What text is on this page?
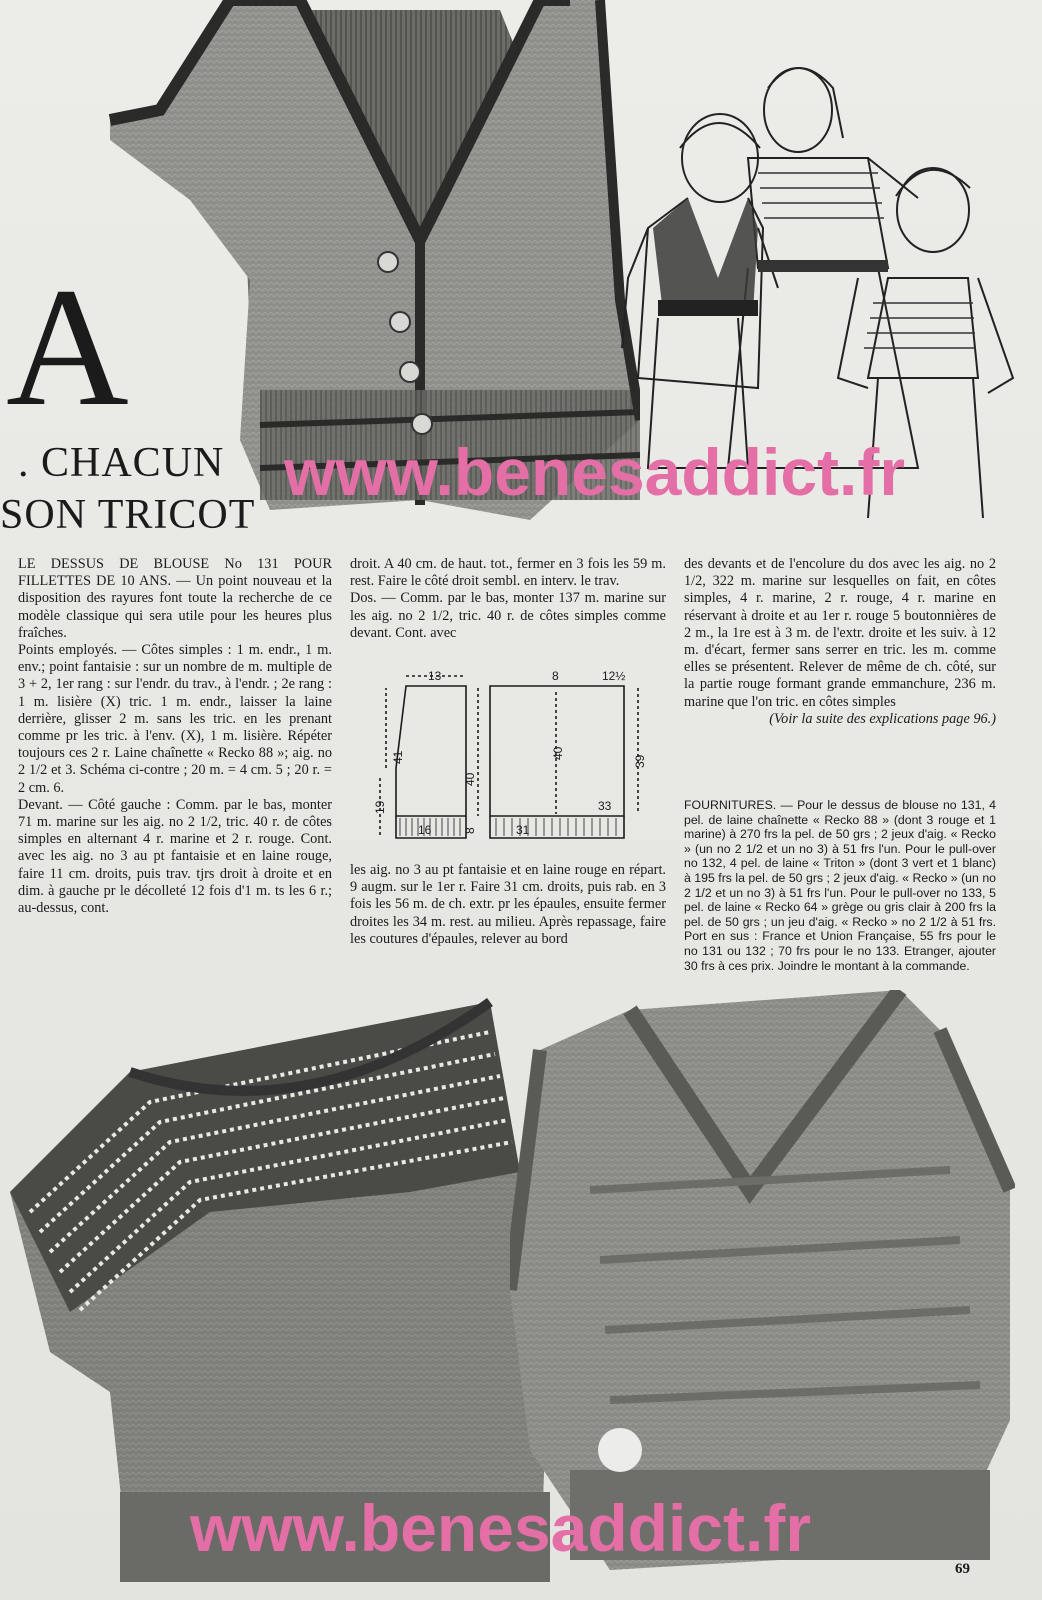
A
. CHACUN
SON TRICOT

LE DESSUS DE BLOUSE No 131 POUR FILLETTES DE 10 ANS. — Un point nouveau et la disposition des rayures font toute la recherche de ce modèle classique qui sera utile pour les heures plus fraîches.

Points employés. — Côtes simples : 1 m. endr., 1 m. env.; point fantaisie : sur un nombre de m. multiple de 3 + 2, 1er rang : sur l'endr. du trav., à l'endr. ; 2e rang : 1 m. lisière (X) tric. 1 m. endr., laisser la laine derrière, glisser 2 m. sans les tric. en les prenant comme pr les tric. à l'env. (X), 1 m. lisière. Répéter toujours ces 2 r. Laine chaînette « Recko 88 »; aig. no 2 1/2 et 3. Schéma ci-contre ; 20 m. = 4 cm. 5 ; 20 r. = 2 cm. 6.

Devant. — Côté gauche : Comm. par le bas, monter 71 m. marine sur les aig. no 2 1/2, tric. 40 r. de côtes simples en alternant 4 r. marine et 2 r. rouge. Cont. avec les aig. no 3 au pt fantaisie et en laine rouge, faire 11 cm. droits, puis trav. tjrs droit à droite et en dim. à gauche pr le décolleté 12 fois d'1 m. ts les 6 r.; au-dessus, cont.

droit. A 40 cm. de haut. tot., fermer en 3 fois les 59 m. rest. Faire le côté droit sembl. en interv. le trav.

Dos. — Comm. par le bas, monter 137 m. marine sur les aig. no 2 1/2, tric. 40 r. de côtes simples comme devant. Cont. avec

13
41
40
19
16	8
8	12½
40
39
33
31

les aig. no 3 au pt fantaisie et en laine rouge en répart. 9 augm. sur le 1er r. Faire 31 cm. droits, puis rab. en 3 fois les 56 m. de ch. extr. pr les épaules, ensuite fermer droites les 34 m. rest. au milieu. Après repassage, faire les coutures d'épaules, relever au bord

des devants et de l'encolure du dos avec les aig. no 2 1/2, 322 m. marine sur lesquelles on fait, en côtes simples, 4 r. marine, 2 r. rouge, 4 r. marine en réservant à droite et au 1er r. rouge 5 boutonnières de 2 m., la 1re est à 3 m. de l'extr. droite et les suiv. à 12 m. d'écart, fermer sans serrer en tric. les m. comme elles se présentent. Relever de même de ch. côté, sur la partie rouge formant grande emmanchure, 236 m. marine que l'on tric. en côtes simples

(Voir la suite des explications page 96.)

FOURNITURES. — Pour le dessus de blouse no 131, 4 pel. de laine chaînette « Recko 88 » (dont 3 rouge et 1 marine) à 270 frs la pel. de 50 grs ; 2 jeux d'aig. « Recko » (un no 2 1/2 et un no 3) à 51 frs l'un. Pour le pull-over no 132, 4 pel. de laine « Triton » (dont 3 vert et 1 blanc) à 195 frs la pel. de 50 grs ; 2 jeux d'aig. « Recko » (un no 2 1/2 et un no 3) à 51 frs l'un. Pour le pull-over no 133, 5 pel. de laine « Recko 64 » grège ou gris clair à 200 frs la pel. de 50 grs ; un jeu d'aig. « Recko » no 2 1/2 à 51 frs. Port en sus : France et Union Française, 55 frs pour le no 131 ou 132 ; 70 frs pour le no 133. Etranger, ajouter 30 frs à ces prix. Joindre le montant à la commande.
www.benesaddict.fr
www.benesaddict.fr
69
